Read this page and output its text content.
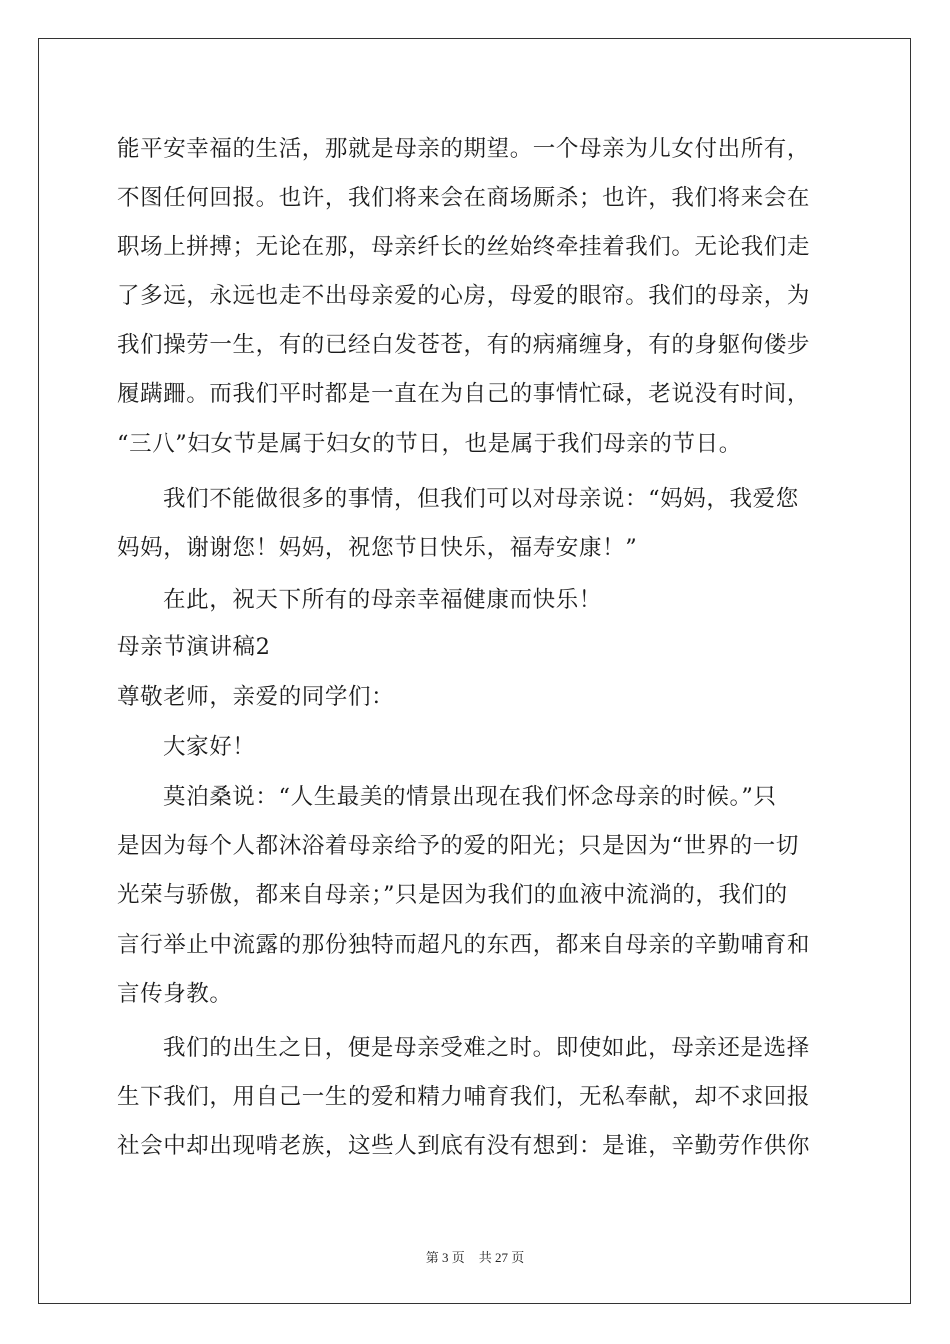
能平安幸福的生活，那就是母亲的期望。一个母亲为儿女付出所有，
不图任何回报。也许，我们将来会在商场厮杀；也许，我们将来会在
职场上拼搏；无论在那，母亲纤长的丝始终牵挂着我们。无论我们走
了多远，永远也走不出母亲爱的心房，母爱的眼帘。我们的母亲，为
我们操劳一生，有的已经白发苍苍，有的病痛缠身，有的身躯佝偻步
履蹒跚。而我们平时都是一直在为自己的事情忙碌，老说没有时间，
“三八”妇女节是属于妇女的节日，也是属于我们母亲的节日。
我们不能做很多的事情，但我们可以对母亲说：“妈妈，我爱您
妈妈，谢谢您！妈妈，祝您节日快乐，福寿安康！”
在此，祝天下所有的母亲幸福健康而快乐！
母亲节演讲稿2
尊敬老师，亲爱的同学们：
大家好！
莫泊桑说：“人生最美的情景出现在我们怀念母亲的时候。”只
是因为每个人都沐浴着母亲给予的爱的阳光；只是因为“世界的一切
光荣与骄傲，都来自母亲；”只是因为我们的血液中流淌的，我们的
言行举止中流露的那份独特而超凡的东西，都来自母亲的辛勤哺育和
言传身教。
我们的出生之日，便是母亲受难之时。即使如此，母亲还是选择
生下我们，用自己一生的爱和精力哺育我们，无私奉献，却不求回报
社会中却出现啃老族，这些人到底有没有想到：是谁，辛勤劳作供你
第 3 页 共 27 页
